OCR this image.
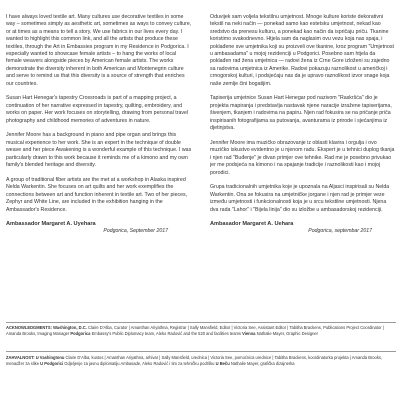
I have always loved textile art. Many cultures use decorative textiles in some way – sometimes simply as aesthetic art, sometimes as ways to convey culture, or at times as a means to tell a story. We use fabrics in our lives every day. I wanted to highlight this common link, and all the artists that produce these textiles, through the Art in Embassies program in my Residence in Podgorica. I especially wanted to showcase female artists – to hang the works of local female weavers alongside pieces by American female artists. The works demonstrate the diversity inherent in both American and Montenegrin culture and serve to remind us that this diversity is a source of strength that enriches our countries.

Susan Hart Henegar's tapestry Crossroads is part of a mapping project, a continuation of her narrative expressed in tapestry, quilting, embroidery, and works on paper. Her work focuses on storytelling, drawing from personal travel photography and childhood memories of adventures in nature.

Jennifer Moore has a background in piano and pipe organ and brings this musical experience to her work. She is an expert in the technique of double weave and her piece Awakening is a wonderful example of this technique. I was particularly drawn to this work because it reminds me of a kimono and my own family's blended heritage and diversity.

A group of traditional fiber artists are the met at a workshop in Alaska inspired Nelda Warkentin. She focuses on art quilts and her work exemplifies the connections between art and function inherent in textile art. Two of her pieces, Zephyr and White Line, are included in the exhibition hanging in the Ambassador's Residence.

Ambassador Margaret A. Uyehara

Podgorica, September 2017

Oduvijek sam voljela tekstilnu umjetnost. Mnoge kulture koriste dekorativni tekstil na neki način — ponekad samo kao estetsku umjetnost, nekad kao sredstvo da prenesu kulturu, a ponekad kao način da ispričaju priču. Tkanine koristimo svakodnevno. Htjela sam da naglasim ovu vezu koja nas spaja, i poklađene sve umjetnika koji su proizveli ove tkanine, kroz program "Umjetnost u ambasadama" u mojoj rezidenciji u Podgorici. Posebno sam htjela da poklađen rad žena umjetnica — radovi žena iz Crne Gore izloženi su zajedno sa radovima umjetnica iz Amerike. Radovi pokazuju raznolikost u američkoj i crnogorskoj kulturi, i podsjećaju nas da je upravo raznolikost izvor snage koja naše zemlje čini bogatijim.

Tapiserija umjetnice Susan Hart Henegar pod nazivom "Raskršća" dio je projekta mapiranja i predstavlja nastavak njene naracije izražene tapiserijama, šivenjem, tkanjem i radovima na papiru. Njen rad fokusira se na pričanje priča inspirisanih fotografijama sa putovanja, avanturama iz prirode i sjećanjima iz djetinjstva.

Jennifer Moore ima muzičko obrazovanje iz oblasti klavira i orgulja i ovo muzičko iskustvo evidentno je u njenom radu. Ekspert je u tehnici duplog tkanja i njen rad "Buđenje" je divan primjer ove tehnike. Rad me je posebno privukao jer me podsjeća na kimono i na spajanje tradicije i raznolikosti kao i mojoj porodici.

Grupa tradicionalnih umjetnika koje je upoznala na Aljasci inspirisali su Nelda Warkentin. Ona se fokusira na umjetničke jorgane i njen rad je primjer veze između umjetnosti i funkcionalnosti koja je u srcu tekstilne umjetnosti. Njena dva rada "Lahor" i "Bijela linija" dio su izložbe u ambasadorskoj rezidenciji.

Ambasador Margaret A. Uehara

Podgorica, septembar 2017

ACKNOWLEDGMENTS: Washington, D.C. Claire D'Alba, Curator | Amanthan Ariyathna, Registrar | Sally Mansfield, Editor | Victoria See, Assistant Editor | Tabitha Brackens, Publications Project Coordinator | Amanda Brooks, Imaging Manager Podgorica Embassy's Public Diplomacy team, Aleko Radović and the 520 and facilities teams Vienna Nathalie Mayer, Graphic Designer

ZAHVALNOST: U Vashingtonu Claire D'Alba, kustos | Amanthan Ariyathna, arhivar | Sally Mansfield, urednica | Victoria See, pomoćnica urednice | Tabitha Brackens, koordinatorka projekta | Amanda Brooks, menadžer za slike U Podgorici Odjeljenje za javnu diplomatiju Ambasade, Aleko Radović i tim za tehničku podršku U Beču Nathalie Mayer, grafička dizajnerka
